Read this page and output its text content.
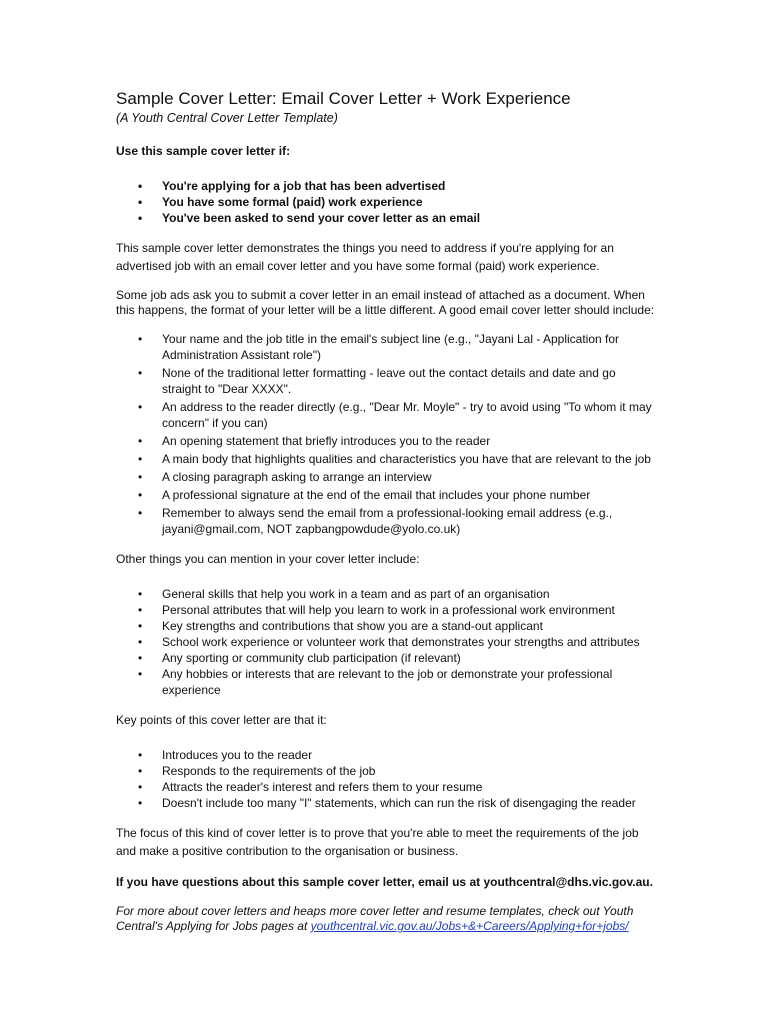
Sample Cover Letter: Email Cover Letter + Work Experience

(A Youth Central Cover Letter Template)

Use this sample cover letter if:

• You're applying for a job that has been advertised
• You have some formal (paid) work experience
• You've been asked to send your cover letter as an email

This sample cover letter demonstrates the things you need to address if you're applying for an advertised job with an email cover letter and you have some formal (paid) work experience.

Some job ads ask you to submit a cover letter in an email instead of attached as a document. When this happens, the format of your letter will be a little different. A good email cover letter should include:

• Your name and the job title in the email's subject line (e.g., "Jayani Lal - Application for Administration Assistant role")
• None of the traditional letter formatting - leave out the contact details and date and go straight to "Dear XXXX".
• An address to the reader directly (e.g., "Dear Mr. Moyle" - try to avoid using "To whom it may concern" if you can)
• An opening statement that briefly introduces you to the reader
• A main body that highlights qualities and characteristics you have that are relevant to the job
• A closing paragraph asking to arrange an interview
• A professional signature at the end of the email that includes your phone number
• Remember to always send the email from a professional-looking email address (e.g., jayani@gmail.com, NOT zapbangpowdude@yolo.co.uk)

Other things you can mention in your cover letter include:

• General skills that help you work in a team and as part of an organisation
• Personal attributes that will help you learn to work in a professional work environment
• Key strengths and contributions that show you are a stand-out applicant
• School work experience or volunteer work that demonstrates your strengths and attributes
• Any sporting or community club participation (if relevant)
• Any hobbies or interests that are relevant to the job or demonstrate your professional experience

Key points of this cover letter are that it:

• Introduces you to the reader
• Responds to the requirements of the job
• Attracts the reader's interest and refers them to your resume
• Doesn't include too many "I" statements, which can run the risk of disengaging the reader

The focus of this kind of cover letter is to prove that you're able to meet the requirements of the job and make a positive contribution to the organisation or business.

If you have questions about this sample cover letter, email us at youthcentral@dhs.vic.gov.au.

For more about cover letters and heaps more cover letter and resume templates, check out Youth Central's Applying for Jobs pages at youthcentral.vic.gov.au/Jobs+&+Careers/Applying+for+jobs/
